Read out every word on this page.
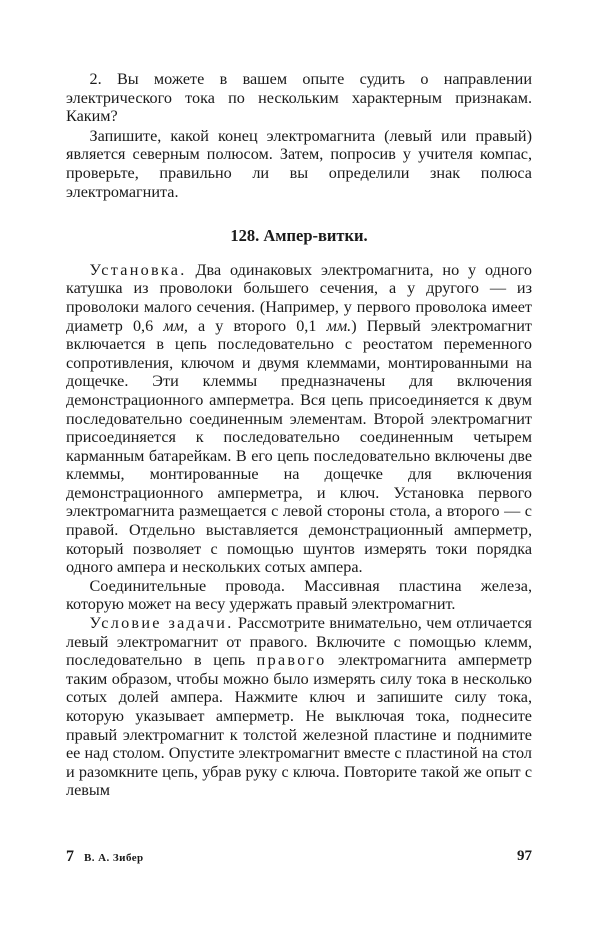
2. Вы можете в вашем опыте судить о направлении электрического тока по нескольким характерным признакам. Каким?

Запишите, какой конец электромагнита (левый или правый) является северным полюсом. Затем, попросив у учителя компас, проверьте, правильно ли вы определили знак полюса электромагнита.

128. Ампер-витки.

Установка. Два одинаковых электромагнита, но у одного катушка из проволоки большего сечения, а у другого — из проволоки малого сечения. (Например, у первого проволока имеет диаметр 0,6 мм, а у второго 0,1 мм.) Первый электромагнит включается в цепь последовательно с реостатом переменного сопротивления, ключом и двумя клеммами, монтированными на дощечке. Эти клеммы предназначены для включения демонстрационного амперметра. Вся цепь присоединяется к двум последовательно соединенным элементам. Второй электромагнит присоединяется к последовательно соединенным четырем карманным батарейкам. В его цепь последовательно включены две клеммы, монтированные на дощечке для включения демонстрационного амперметра, и ключ. Установка первого электромагнита размещается с левой стороны стола, а второго — с правой. Отдельно выставляется демонстрационный амперметр, который позволяет с помощью шунтов измерять токи порядка одного ампера и нескольких сотых ампера.

Соединительные провода. Массивная пластина железа, которую может на весу удержать правый электромагнит.

Условие задачи. Рассмотрите внимательно, чем отличается левый электромагнит от правого. Включите с помощью клемм, последовательно в цепь правого электромагнита амперметр таким образом, чтобы можно было измерять силу тока в несколько сотых долей ампера. Нажмите ключ и запишите силу тока, которую указывает амперметр. Не выключая тока, поднесите правый электромагнит к толстой железной пластине и поднимите ее над столом. Опустите электромагнит вместе с пластиной на стол и разомкните цепь, убрав руку с ключа. Повторите такой же опыт с левым

7 В. А. Зибер	97
